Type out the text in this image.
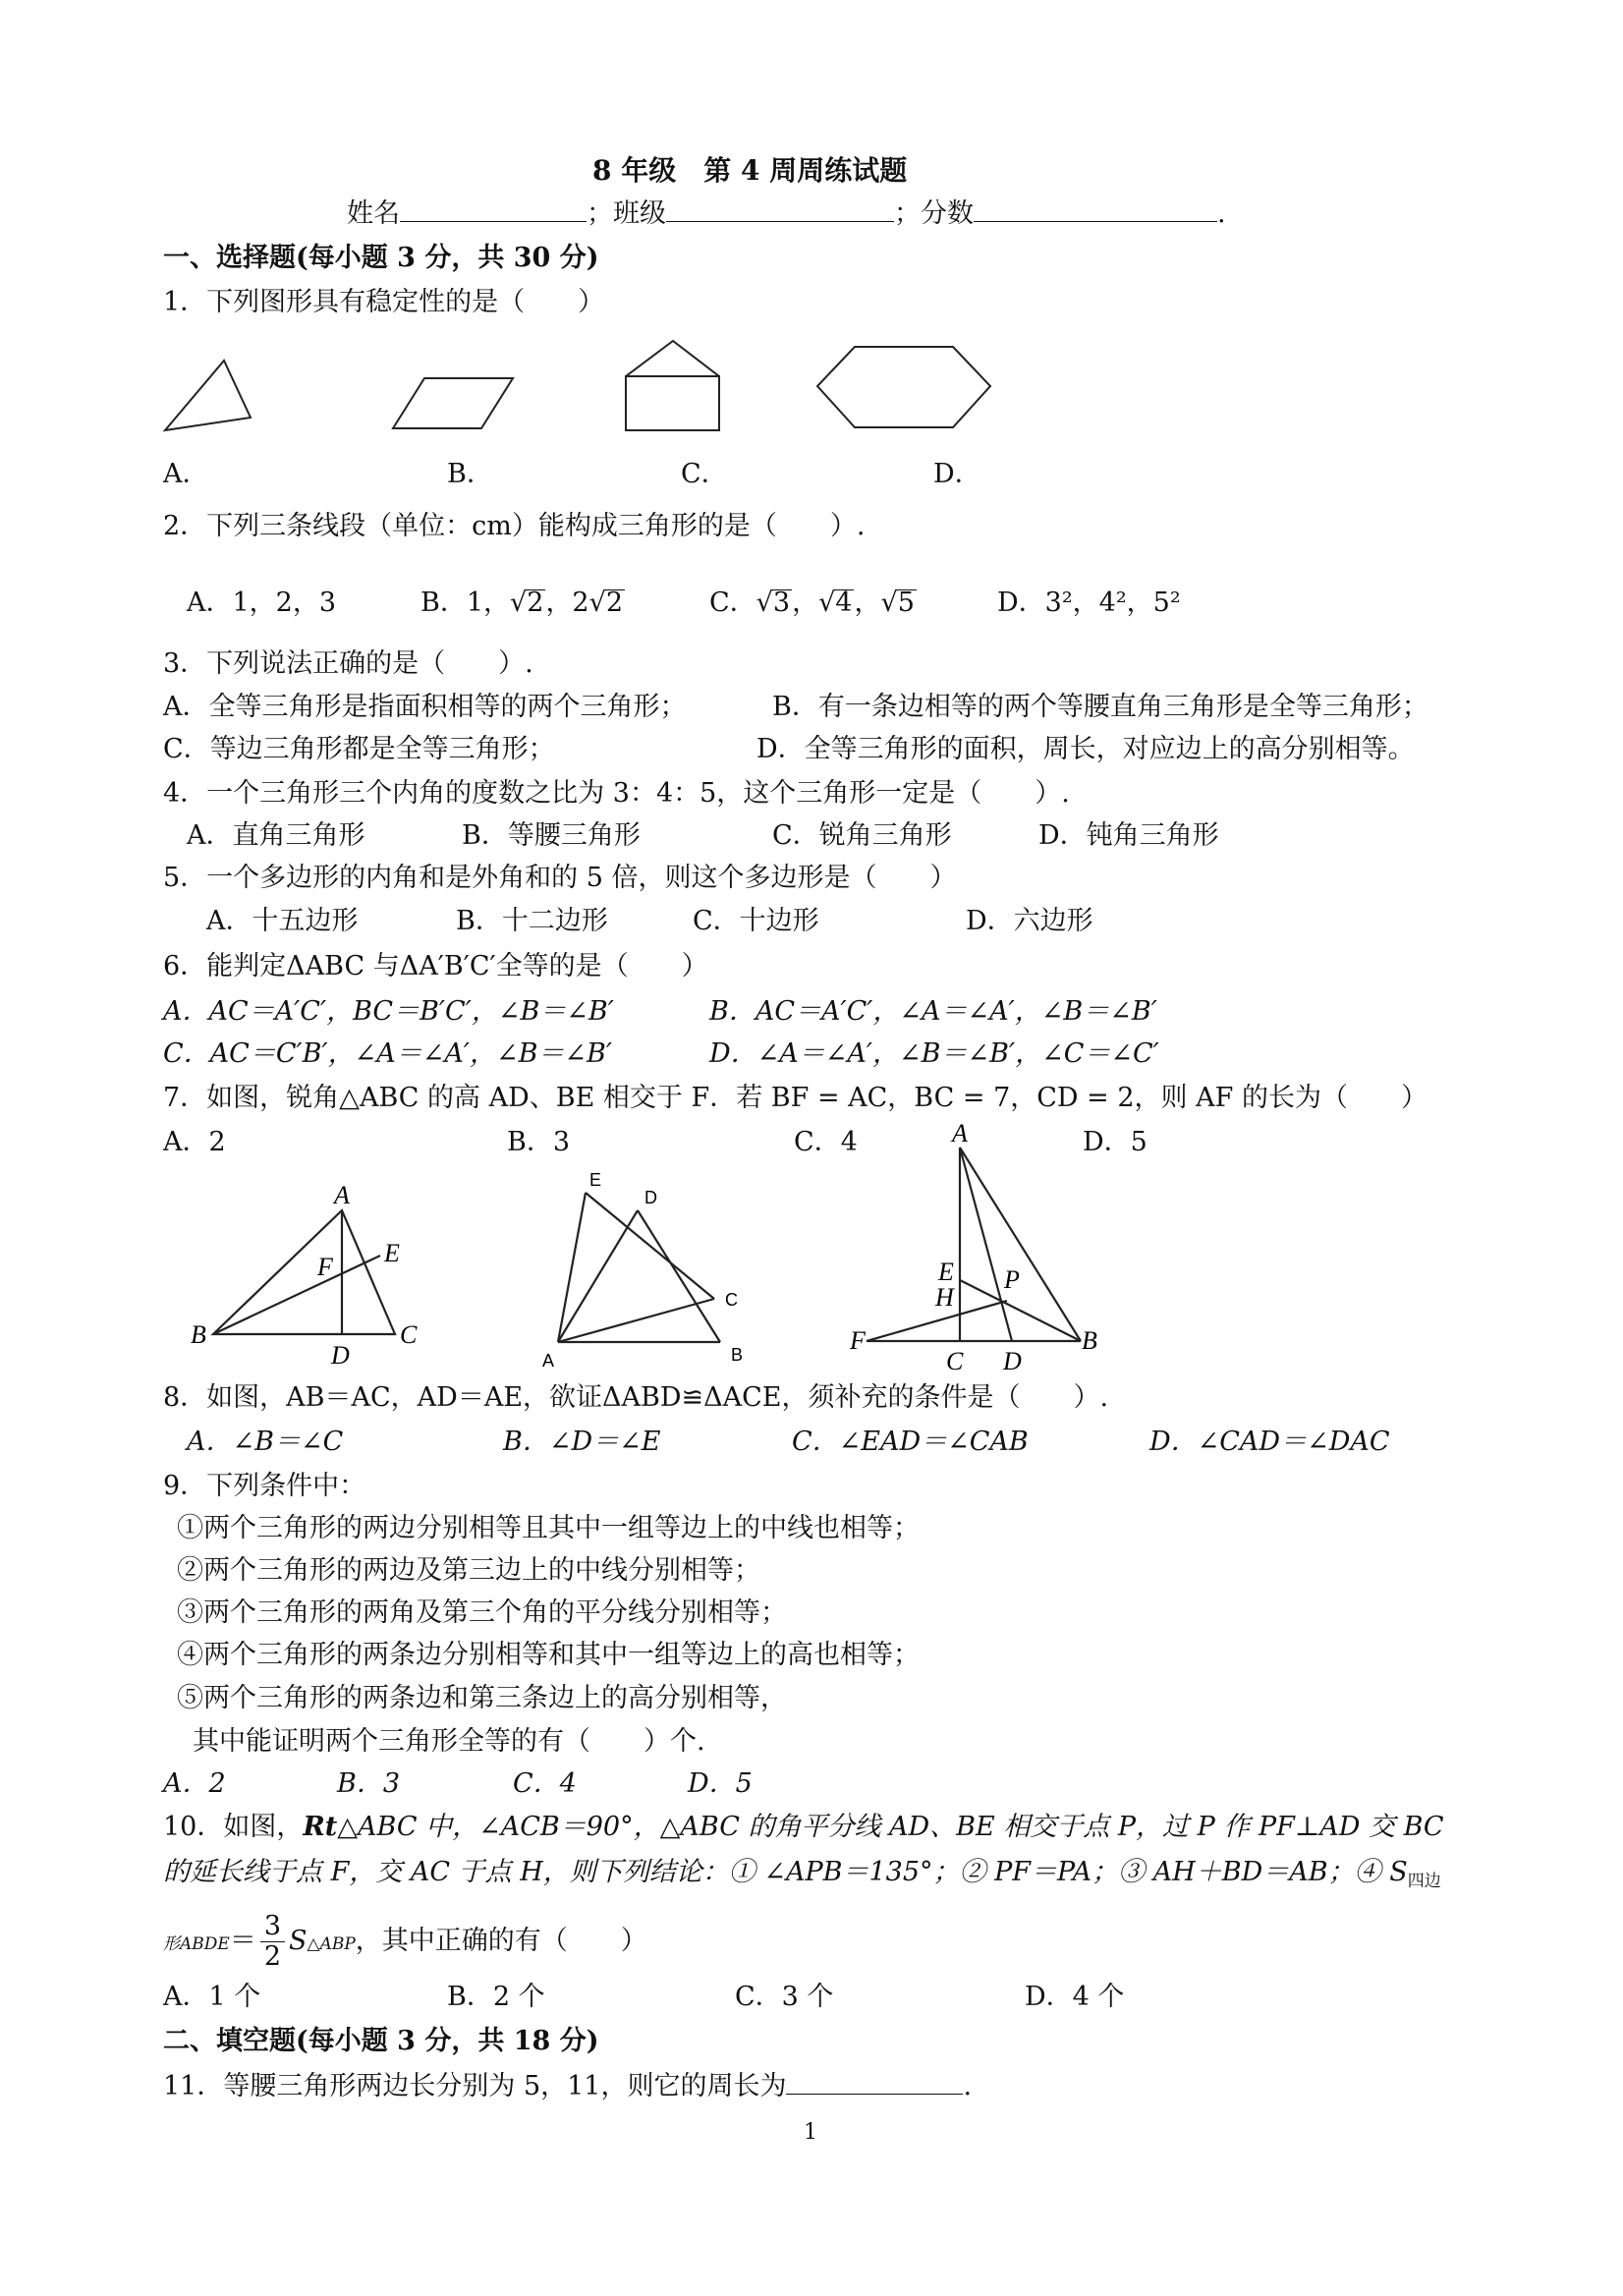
8 年级　第 4 周周练试题
姓名	；班级	；分数	.
一、选择题(每小题 3 分，共 30 分)
1．下列图形具有稳定性的是（　　）
A．	B．	C．	D．
2．下列三条线段（单位：cm）能构成三角形的是（　　）.
A．1，2，3	B．1，√2，2√2	C．√3，√4，√5	D．3²，4²，5²
3．下列说法正确的是（　　）.
A．全等三角形是指面积相等的两个三角形；	B．有一条边相等的两个等腰直角三角形是全等三角形；
C．等边三角形都是全等三角形；	D．全等三角形的面积，周长，对应边上的高分别相等。
4．一个三角形三个内角的度数之比为 3：4：5，这个三角形一定是（　　）.
A．直角三角形	B．等腰三角形	C．锐角三角形	D．钝角三角形
5．一个多边形的内角和是外角和的 5 倍，则这个多边形是（　　）
A．十五边形	B．十二边形	C．十边形	D．六边形
6．能判定ΔABC 与ΔA′B′C′全等的是（　　）
A．AC＝A′C′，BC＝B′C′，∠B＝∠B′	B．AC＝A′C′，∠A＝∠A′，∠B＝∠B′
C．AC＝C′B′，∠A＝∠A′，∠B＝∠B′	D．∠A＝∠A′，∠B＝∠B′，∠C＝∠C′
7．如图，锐角△ABC 的高 AD、BE 相交于 F．若 BF = AC，BC = 7，CD = 2，则 AF 的长为（　　）
A．2	B．3	C．4	D．5
A
B	C
D
E
F
A	B
C
D
E
A
B
C D
E
F
H
P
8．如图，AB＝AC，AD＝AE，欲证ΔABD≌ΔACE，须补充的条件是（　　）.
A．∠B＝∠C	B．∠D＝∠E	C．∠EAD＝∠CAB	D．∠CAD＝∠DAC
9．下列条件中：
①两个三角形的两边分别相等且其中一组等边上的中线也相等；
②两个三角形的两边及第三边上的中线分别相等；
③两个三角形的两角及第三个角的平分线分别相等；
④两个三角形的两条边分别相等和其中一组等边上的高也相等；
⑤两个三角形的两条边和第三条边上的高分别相等，
其中能证明两个三角形全等的有（　　）个.
A．2	B．3	C．4	D．5
10．如图，Rt△ABC 中，∠ACB＝90°，△ABC 的角平分线 AD、BE 相交于点 P，过 P 作 PF⊥AD 交 BC
的延长线于点 F，交 AC 于点 H，则下列结论：① ∠APB＝135°；② PF＝PA；③ AH＋BD＝AB；④ $S_{四边}$
形ABDE＝ $\frac{3}{2}$ S△ABP，其中正确的有（　　）
A．1 个	B．2 个	C．3 个	D．4 个
二、填空题(每小题 3 分，共 18 分)
11．等腰三角形两边长分别为 5，11，则它的周长为	.
1
